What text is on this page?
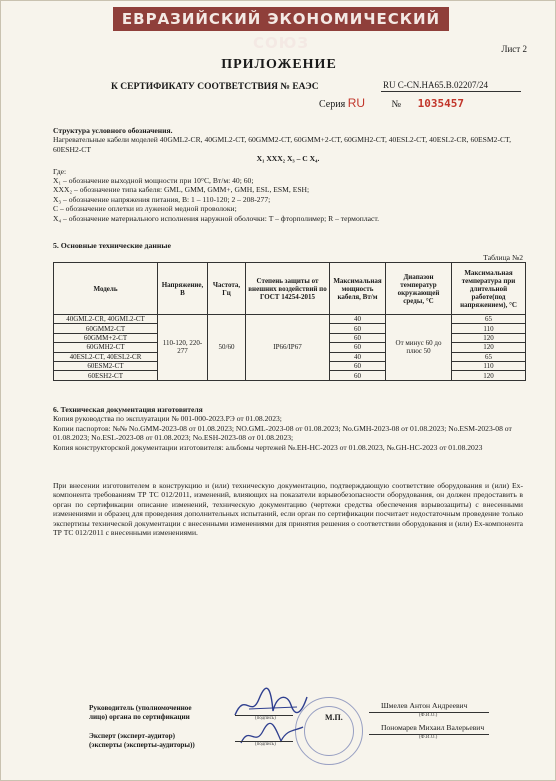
ЕВРАЗИЙСКИЙ ЭКОНОМИЧЕСКИЙ СОЮЗ	Лист 2
ПРИЛОЖЕНИЕ
К СЕРТИФИКАТУ СООТВЕТСТВИЯ № ЕАЭС	RU C-CN.НА65.В.02207/24
Серия RU	№ 1035457
Структура условного обозначения.
Нагревательные кабели моделей 40GML2-CR, 40GML2-CT, 60GMM2-CT, 60GMM+2-CT, 60GMH2-CT, 40ESL2-CT, 40ESL2-CR, 60ESM2-CT, 60ESH2-CT
X₁ XXX₂ X₃ – C X₄.
Где:
X₁ – обозначение выходной мощности при 10°С, Вт/м: 40; 60;
XXX₂ – обозначение типа кабеля: GML, GMM, GMM+, GMH, ESL, ESM, ESH;
X₃ – обозначение напряжения питания, В: 1 – 110-120; 2 – 208-277;
C – обозначение оплетки из луженой медной проволоки;
X₄ – обозначение материального исполнения наружной оболочки: T – фторполимер; R – термопласт.
5. Основные технические данные
Таблица №2
Модель	Напряжение, В	Частота, Гц	Степень защиты от внешних воздействий по ГОСТ 14254-2015	Максимальная мощность кабеля, Вт/м	Диапазон температур окружающей среды, °С	Максимальная температура при длительной работе(под напряжением), °С
40GML2-CR, 40GML2-CT	110-120, 220-277	50/60	IP66/IP67	40	От минус 60 до плюс 50	65
60GMM2-CT				60		110
60GMM+2-CT				60		120
60GMH2-CT				60		120
40ESL2-CT, 40ESL2-CR				40		65
60ESM2-CT				60		110
60ESH2-CT				60		120
6. Техническая документация изготовителя
Копия руководства по эксплуатации № 001-000-2023.РЭ от 01.08.2023;
Копии паспортов: №№ No.GMM-2023-08 от 01.08.2023; NO.GML-2023-08 от 01.08.2023; No.GMH-2023-08 от 01.08.2023; No.ESM-2023-08 от 01.08.2023; No.ESL-2023-08 от 01.08.2023; No.ESH-2023-08 от 01.08.2023;
Копия конструкторской документации изготовителя: альбомы чертежей №.EH-HC-2023 от 01.08.2023, №.GH-HC-2023 от 01.08.2023
При внесении изготовителем в конструкцию и (или) техническую документацию, подтверждающую соответствие оборудования и (или) Ex-компонента требованиям ТР ТС 012/2011, изменений, влияющих на показатели взрывобезопасности оборудования, он должен предоставить в орган по сертификации описание изменений, техническую документацию (чертежи средства обеспечения взрывозащиты) с внесенными изменениями и образец для проведения дополнительных испытаний, если орган по сертификации посчитает недостаточным проведение только экспертизы технической документации с внесенными изменениями для принятия решения о соответствии оборудования и (или) Ex-компонента ТР ТС 012/2011 с внесенными изменениями.
Руководитель (уполномоченное
лицо) органа по сертификации	(подпись)	М.П.
Шмелев Антон Андреевич
(Ф.И.О.)
Эксперт (эксперт-аудитор)
(эксперты (эксперты-аудиторы))	(подпись)
Пономарев Михаил Валерьевич
(Ф.И.О.)
